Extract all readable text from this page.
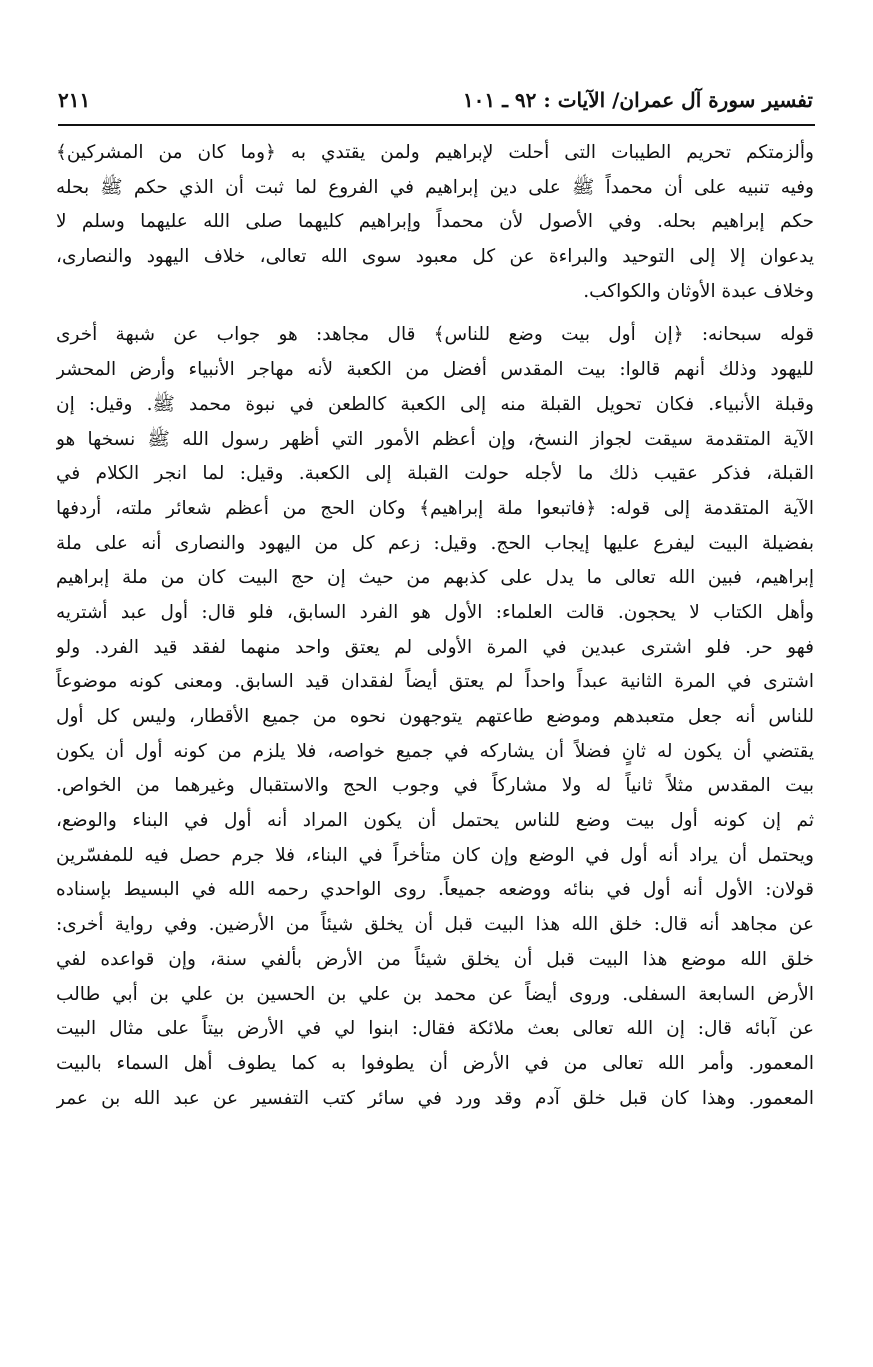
تفسير سورة آل عمران/ الآيات : ٩٢ ـ ١٠١
٢١١
وألزمتكم تحريم الطيبات التى أحلت لإبراهيم ولمن يقتدي به ﴿وما كان من المشركين﴾
وفيه تنبيه على أن محمداً ﷺ على دين إبراهيم في الفروع لما ثبت أن الذي حكم ﷺ بحله
حكم إبراهيم بحله. وفي الأصول لأن محمداً وإبراهيم كليهما صلى الله عليهما وسلم لا
يدعوان إلا إلى التوحيد والبراءة عن كل معبود سوى الله تعالى، خلاف اليهود والنصارى،
وخلاف عبدة الأوثان والكواكب.
قوله سبحانه: ﴿إن أول بيت وضع للناس﴾ قال مجاهد: هو جواب عن شبهة أخرى
لليهود وذلك أنهم قالوا: بيت المقدس أفضل من الكعبة لأنه مهاجر الأنبياء وأرض المحشر
وقبلة الأنبياء. فكان تحويل القبلة منه إلى الكعبة كالطعن في نبوة محمد ﷺ. وقيل: إن
الآية المتقدمة سيقت لجواز النسخ، وإن أعظم الأمور التي أظهر رسول الله ﷺ نسخها هو
القبلة، فذكر عقيب ذلك ما لأجله حولت القبلة إلى الكعبة. وقيل: لما انجر الكلام في
الآية المتقدمة إلى قوله: ﴿فاتبعوا ملة إبراهيم﴾ وكان الحج من أعظم شعائر ملته، أردفها
بفضيلة البيت ليفرع عليها إيجاب الحج. وقيل: زعم كل من اليهود والنصارى أنه على ملة
إبراهيم، فبين الله تعالى ما يدل على كذبهم من حيث إن حج البيت كان من ملة إبراهيم
وأهل الكتاب لا يحجون. قالت العلماء: الأول هو الفرد السابق، فلو قال: أول عبد أشتريه
فهو حر. فلو اشترى عبدين في المرة الأولى لم يعتق واحد منهما لفقد قيد الفرد. ولو
اشترى في المرة الثانية عبداً واحداً لم يعتق أيضاً لفقدان قيد السابق. ومعنى كونه موضوعاً
للناس أنه جعل متعبدهم وموضع طاعتهم يتوجهون نحوه من جميع الأقطار، وليس كل أول
يقتضي أن يكون له ثانٍ فضلاً أن يشاركه في جميع خواصه، فلا يلزم من كونه أول أن يكون
بيت المقدس مثلاً ثانياً له ولا مشاركاً في وجوب الحج والاستقبال وغيرهما من الخواص.
ثم إن كونه أول بيت وضع للناس يحتمل أن يكون المراد أنه أول في البناء والوضع،
ويحتمل أن يراد أنه أول في الوضع وإن كان متأخراً في البناء، فلا جرم حصل فيه للمفسّرين
قولان: الأول أنه أول في بنائه ووضعه جميعاً. روى الواحدي رحمه الله في البسيط بإسناده
عن مجاهد أنه قال: خلق الله هذا البيت قبل أن يخلق شيئاً من الأرضين. وفي رواية أخرى:
خلق الله موضع هذا البيت قبل أن يخلق شيئاً من الأرض بألفي سنة، وإن قواعده لفي
الأرض السابعة السفلى. وروى أيضاً عن محمد بن علي بن الحسين بن علي بن أبي طالب
عن آبائه قال: إن الله تعالى بعث ملائكة فقال: ابنوا لي في الأرض بيتاً على مثال البيت
المعمور. وأمر الله تعالى من في الأرض أن يطوفوا به كما يطوف أهل السماء بالبيت
المعمور. وهذا كان قبل خلق آدم وقد ورد في سائر كتب التفسير عن عبد الله بن عمر
